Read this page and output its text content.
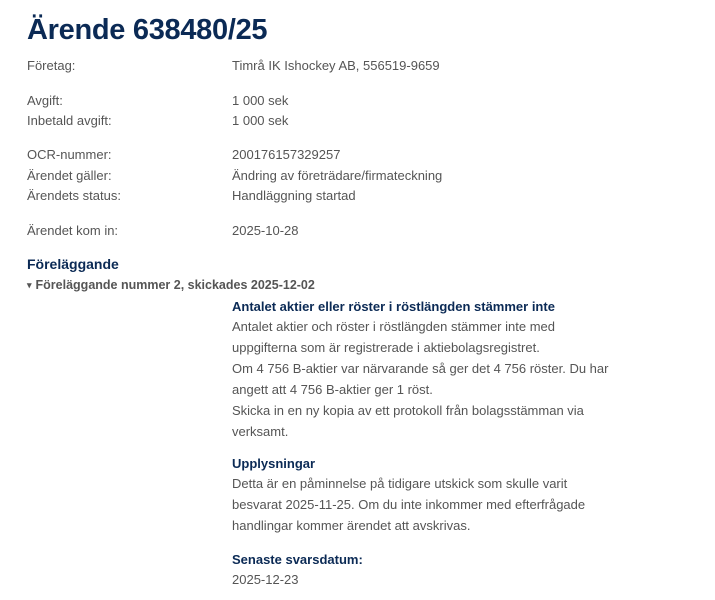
Ärende 638480/25
Företag:	Timrå IK Ishockey AB, 556519-9659
Avgift:	1 000 sek
Inbetald avgift:	1 000 sek
OCR-nummer:	200176157329257
Ärendet gäller:	Ändring av företrädare/firmateckning
Ärendets status:	Handläggning startad
Ärendet kom in:	2025-10-28
Föreläggande
▾ Föreläggande nummer 2, skickades 2025-12-02
Antalet aktier eller röster i röstlängden stämmer inte

Antalet aktier och röster i röstlängden stämmer inte med

uppgifterna som är registrerade i aktiebolagsregistret.

Om 4 756 B-aktier var närvarande så ger det 4 756 röster. Du har

angett att 4 756 B-aktier ger 1 röst.

Skicka in en ny kopia av ett protokoll från bolagsstämman via

verksamt.

Upplysningar

Detta är en påminnelse på tidigare utskick som skulle varit

besvarat 2025-11-25. Om du inte inkommer med efterfrågade

handlingar kommer ärendet att avskrivas.

Senaste svarsdatum:

2025-12-23
